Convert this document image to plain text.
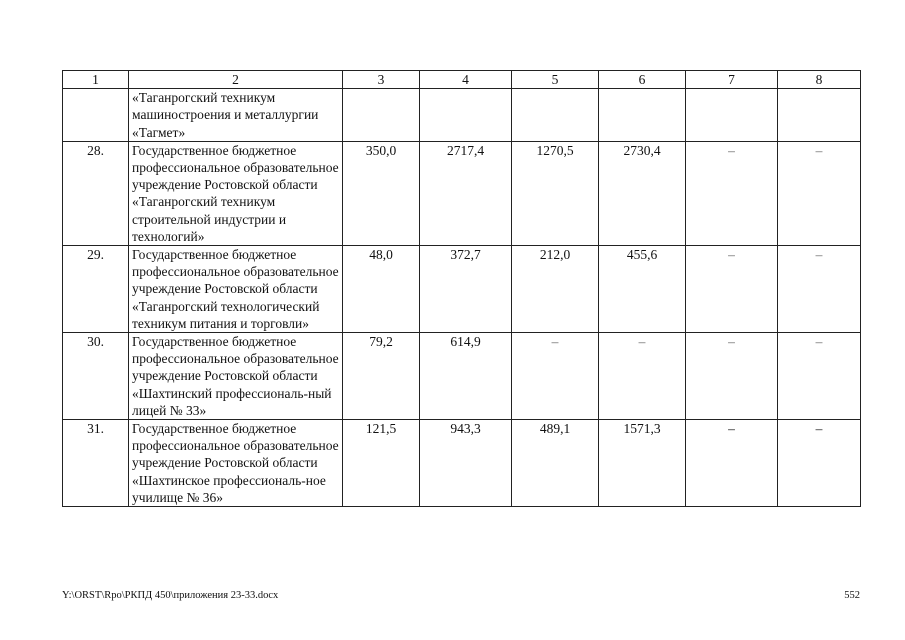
1	2	3	4	5	6	7	8
	«Таганрогский техникум машиностроения и металлургии «Тагмет»						
28.	Государственное бюджетное профессиональное образовательное учреждение Ростовской области «Таганрогский техникум строительной индустрии и технологий»	350,0	2717,4	1270,5	2730,4	–	–
29.	Государственное бюджетное профессиональное образовательное учреждение Ростовской области «Таганрогский технологический техникум питания и торговли»	48,0	372,7	212,0	455,6	–	–
30.	Государственное бюджетное профессиональное образовательное учреждение Ростовской области «Шахтинский профессиональ-ный лицей № 33»	79,2	614,9	–	–	–	–
31.	Государственное бюджетное профессиональное образовательное учреждение Ростовской области «Шахтинское профессиональ-ное училище № 36»	121,5	943,3	489,1	1571,3	–	–
Y:\ORST\Rpo\РКПД 450\приложения 23-33.docx	552
